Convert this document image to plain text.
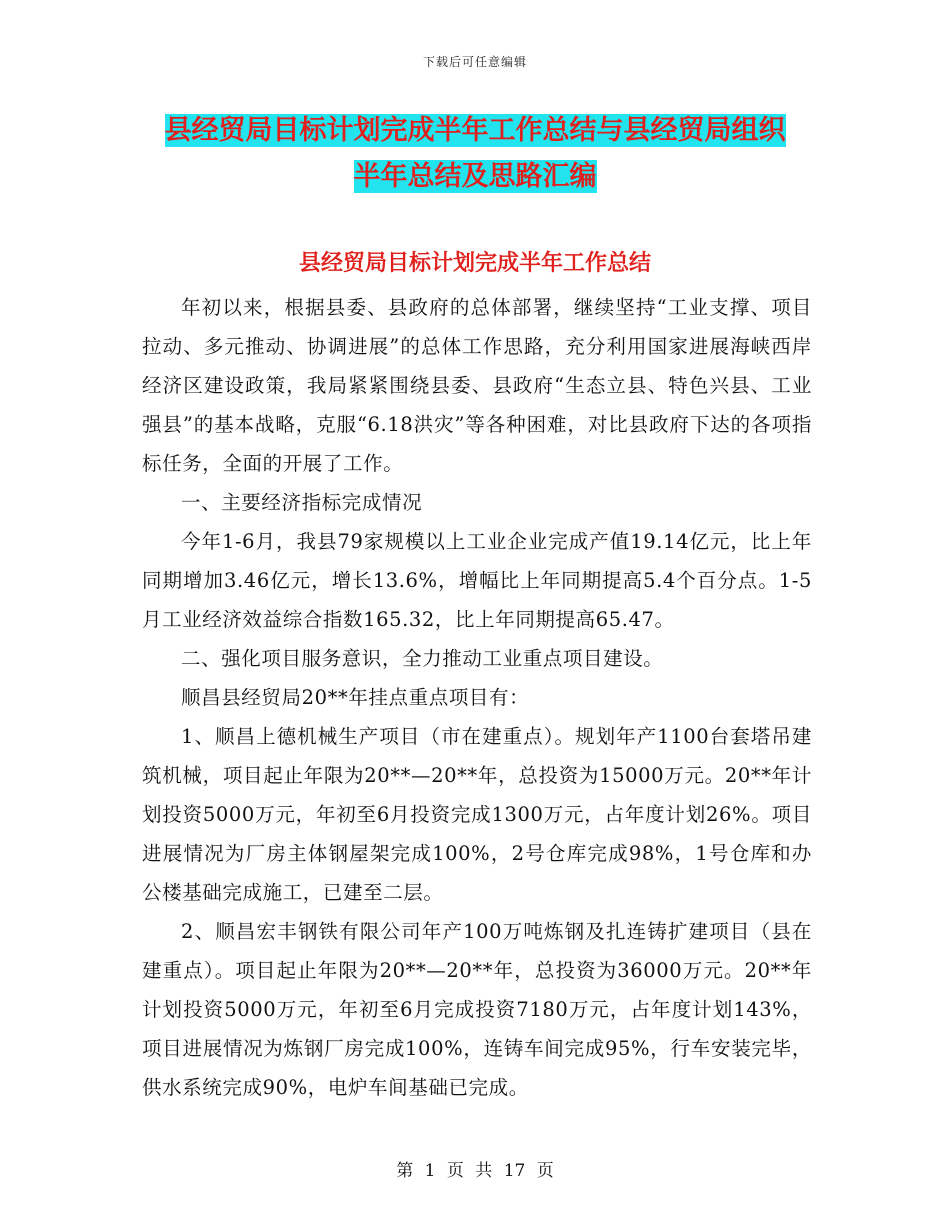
下载后可任意编辑
县经贸局目标计划完成半年工作总结与县经贸局组织
半年总结及思路汇编
县经贸局目标计划完成半年工作总结

年初以来，根据县委、县政府的总体部署，继续坚持“工业支撑、项目拉动、多元推动、协调进展”的总体工作思路，充分利用国家进展海峡西岸经济区建设政策，我局紧紧围绕县委、县政府“生态立县、特色兴县、工业强县”的基本战略，克服“6.18洪灾”等各种困难，对比县政府下达的各项指标任务，全面的开展了工作。

一、主要经济指标完成情况

今年1-6月，我县79家规模以上工业企业完成产值19.14亿元，比上年同期增加3.46亿元，增长13.6%，增幅比上年同期提高5.4个百分点。1-5月工业经济效益综合指数165.32，比上年同期提高65.47。

二、强化项目服务意识，全力推动工业重点项目建设。

顺昌县经贸局20**年挂点重点项目有：

1、顺昌上德机械生产项目（市在建重点）。规划年产1100台套塔吊建筑机械，项目起止年限为20**—20**年，总投资为15000万元。20**年计划投资5000万元，年初至6月投资完成1300万元，占年度计划26%。项目进展情况为厂房主体钢屋架完成100%，2号仓库完成98%，1号仓库和办公楼基础完成施工，已建至二层。

2、顺昌宏丰钢铁有限公司年产100万吨炼钢及扎连铸扩建项目（县在建重点）。项目起止年限为20**—20**年，总投资为36000万元。20**年计划投资5000万元，年初至6月完成投资7180万元，占年度计划143%，项目进展情况为炼钢厂房完成100%，连铸车间完成95%，行车安装完毕，供水系统完成90%，电炉车间基础已完成。

第 1 页 共 17 页
